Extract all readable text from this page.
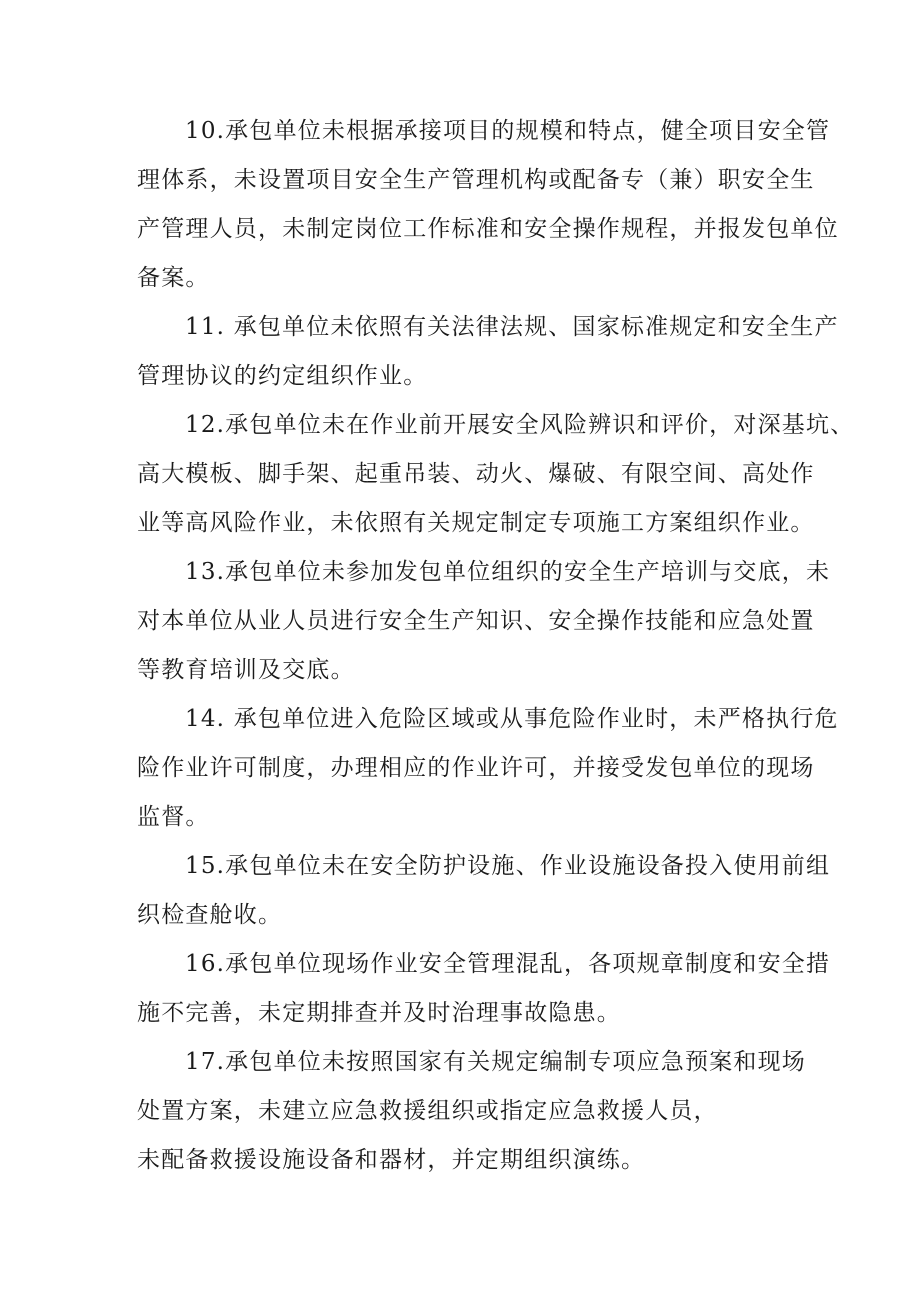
10.承包单位未根据承接项目的规模和特点，健全项目安全管
理体系，未设置项目安全生产管理机构或配备专（兼）职安全生
产管理人员，未制定岗位工作标准和安全操作规程，并报发包单位
备案。
11. 承包单位未依照有关法律法规、国家标准规定和安全生产
管理协议的约定组织作业。
12.承包单位未在作业前开展安全风险辨识和评价，对深基坑、
高大模板、脚手架、起重吊装、动火、爆破、有限空间、高处作
业等高风险作业，未依照有关规定制定专项施工方案组织作业。
13.承包单位未参加发包单位组织的安全生产培训与交底，未
对本单位从业人员进行安全生产知识、安全操作技能和应急处置
等教育培训及交底。
14. 承包单位进入危险区域或从事危险作业时，未严格执行危
险作业许可制度，办理相应的作业许可，并接受发包单位的现场
监督。
15.承包单位未在安全防护设施、作业设施设备投入使用前组
织检查舱收。
16.承包单位现场作业安全管理混乱，各项规章制度和安全措
施不完善，未定期排查并及时治理事故隐患。
17.承包单位未按照国家有关规定编制专项应急预案和现场
处置方案，未建立应急救援组织或指定应急救援人员，
未配备救援设施设备和器材，并定期组织演练。
